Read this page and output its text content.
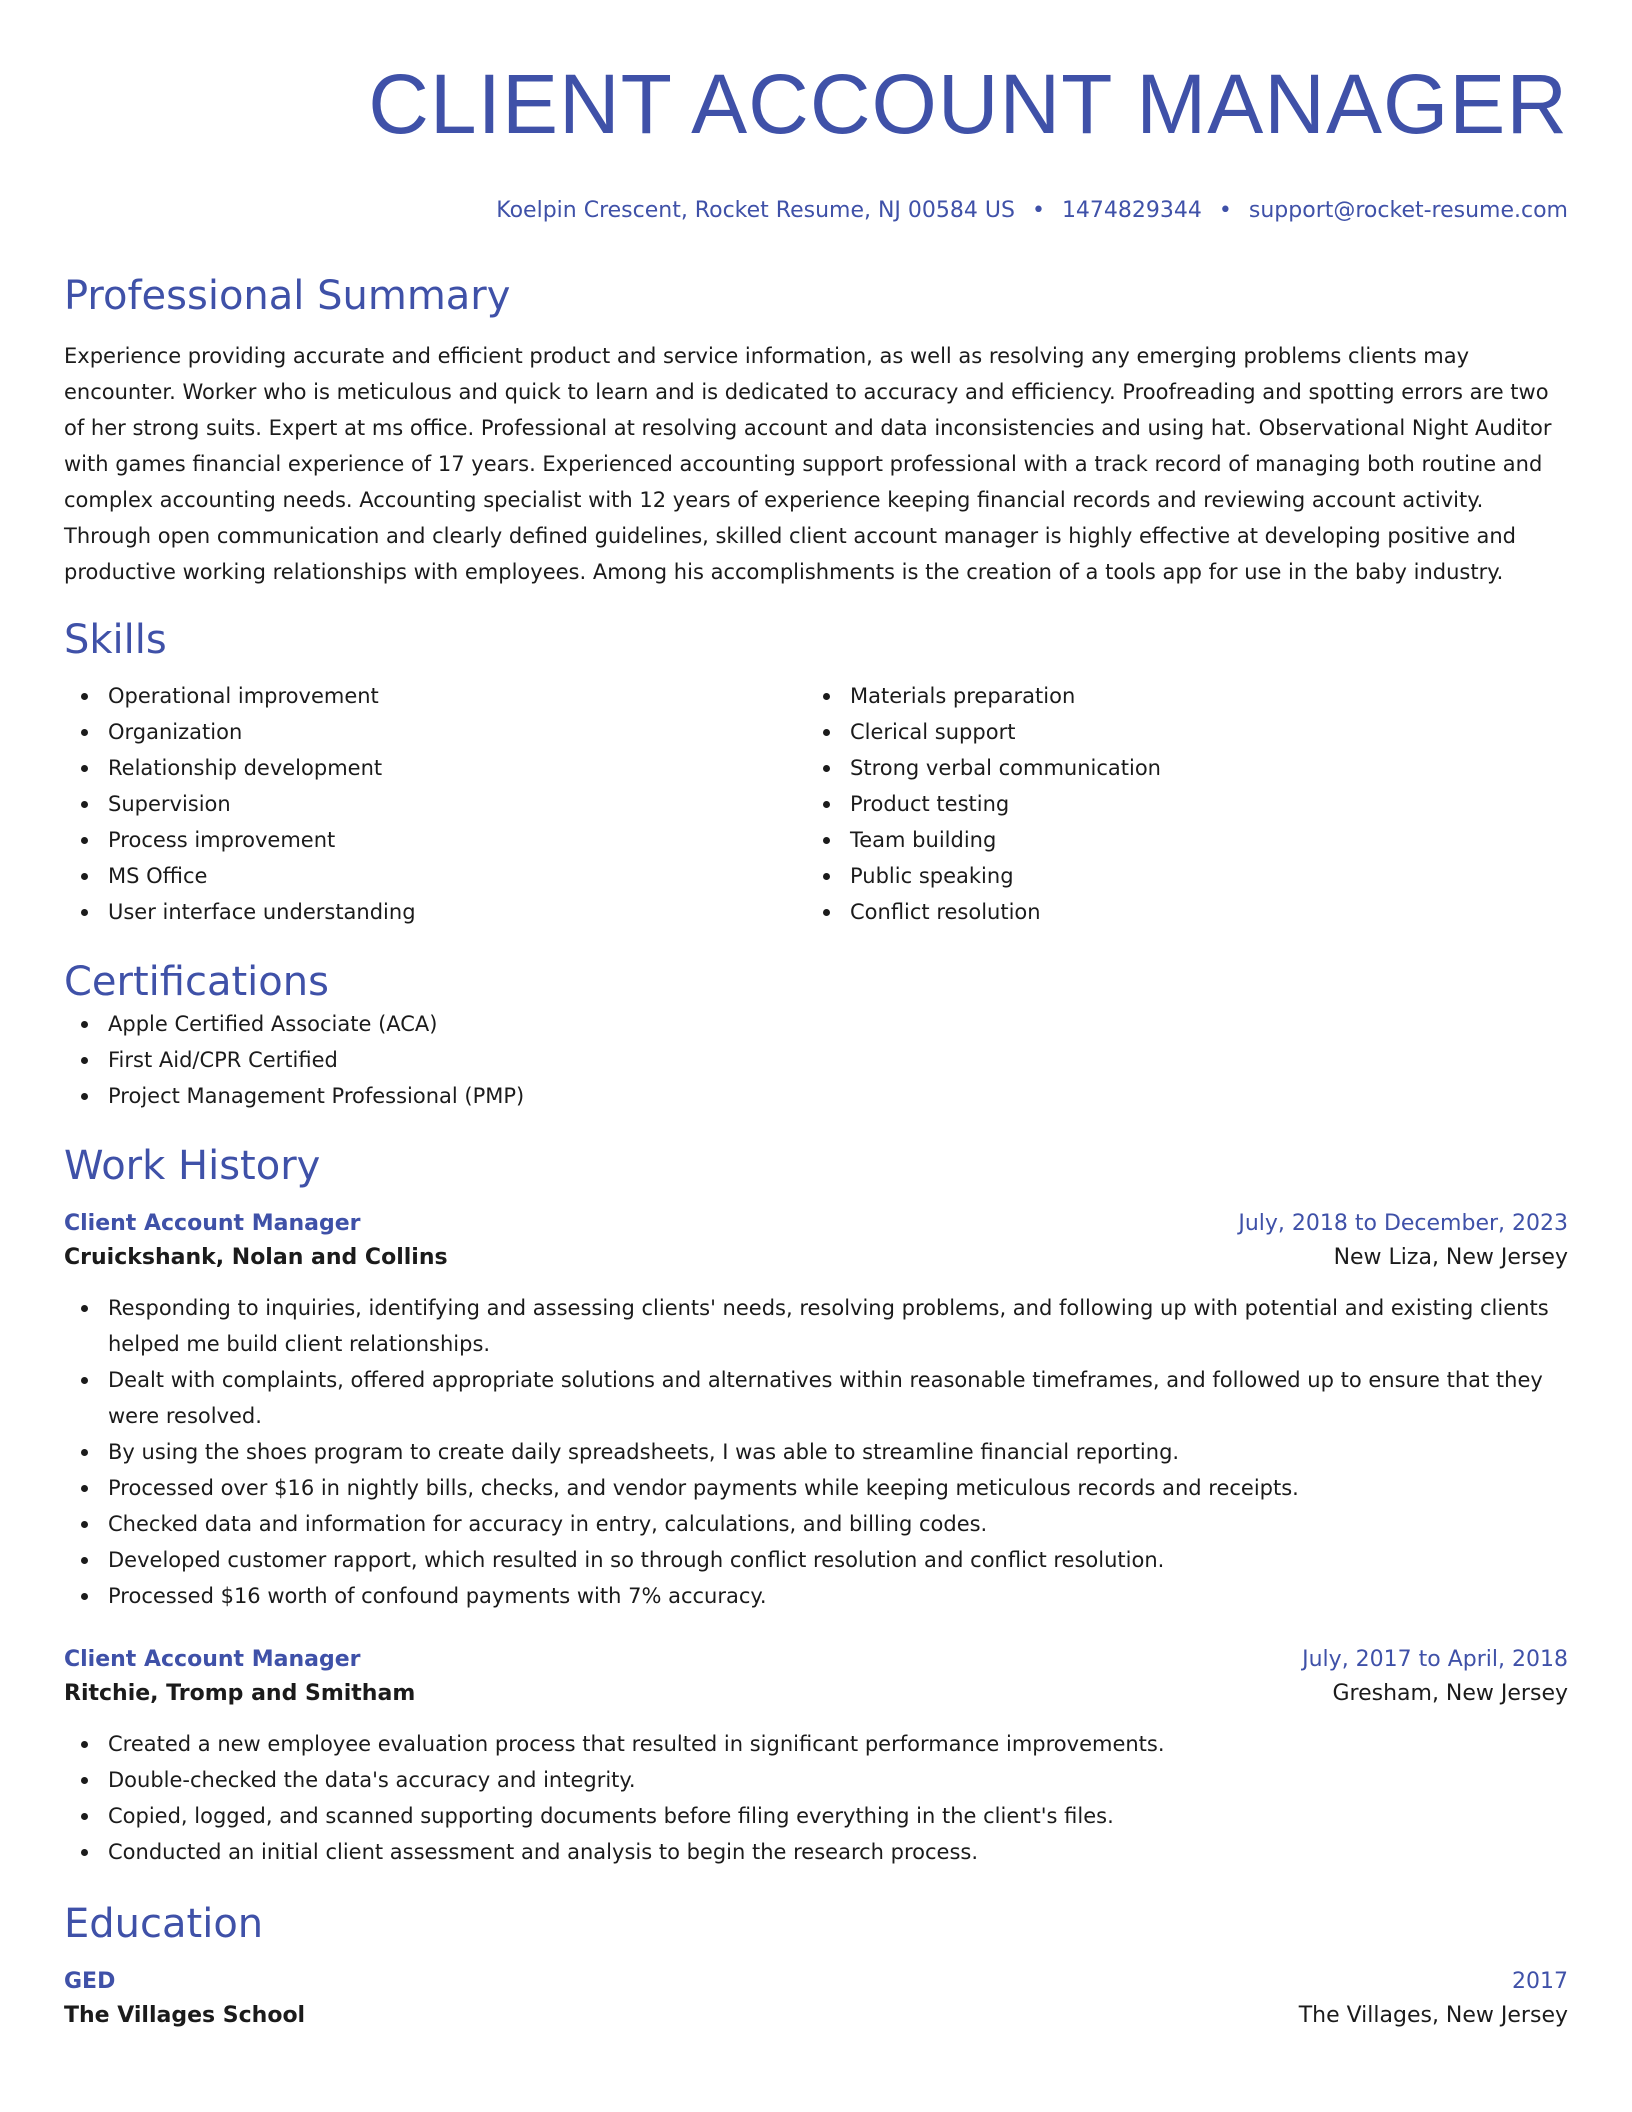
CLIENT ACCOUNT MANAGER
Koelpin Crescent, Rocket Resume, NJ 00584 US • 1474829344 • support@rocket-resume.com
Professional Summary
Experience providing accurate and efficient product and service information, as well as resolving any emerging problems clients may encounter. Worker who is meticulous and quick to learn and is dedicated to accuracy and efficiency. Proofreading and spotting errors are two of her strong suits. Expert at ms office. Professional at resolving account and data inconsistencies and using hat. Observational Night Auditor with games financial experience of 17 years. Experienced accounting support professional with a track record of managing both routine and complex accounting needs. Accounting specialist with 12 years of experience keeping financial records and reviewing account activity. Through open communication and clearly defined guidelines, skilled client account manager is highly effective at developing positive and productive working relationships with employees. Among his accomplishments is the creation of a tools app for use in the baby industry.
Skills
Operational improvement
Organization
Relationship development
Supervision
Process improvement
MS Office
User interface understanding
Materials preparation
Clerical support
Strong verbal communication
Product testing
Team building
Public speaking
Conflict resolution
Certifications
Apple Certified Associate (ACA)
First Aid/CPR Certified
Project Management Professional (PMP)
Work History
Client Account Manager	July, 2018 to December, 2023
Cruickshank, Nolan and Collins	New Liza, New Jersey
Responding to inquiries, identifying and assessing clients' needs, resolving problems, and following up with potential and existing clients helped me build client relationships.
Dealt with complaints, offered appropriate solutions and alternatives within reasonable timeframes, and followed up to ensure that they were resolved.
By using the shoes program to create daily spreadsheets, I was able to streamline financial reporting.
Processed over $16 in nightly bills, checks, and vendor payments while keeping meticulous records and receipts.
Checked data and information for accuracy in entry, calculations, and billing codes.
Developed customer rapport, which resulted in so through conflict resolution and conflict resolution.
Processed $16 worth of confound payments with 7% accuracy.
Client Account Manager	July, 2017 to April, 2018
Ritchie, Tromp and Smitham	Gresham, New Jersey
Created a new employee evaluation process that resulted in significant performance improvements.
Double-checked the data's accuracy and integrity.
Copied, logged, and scanned supporting documents before filing everything in the client's files.
Conducted an initial client assessment and analysis to begin the research process.
Education
GED	2017
The Villages School	The Villages, New Jersey
